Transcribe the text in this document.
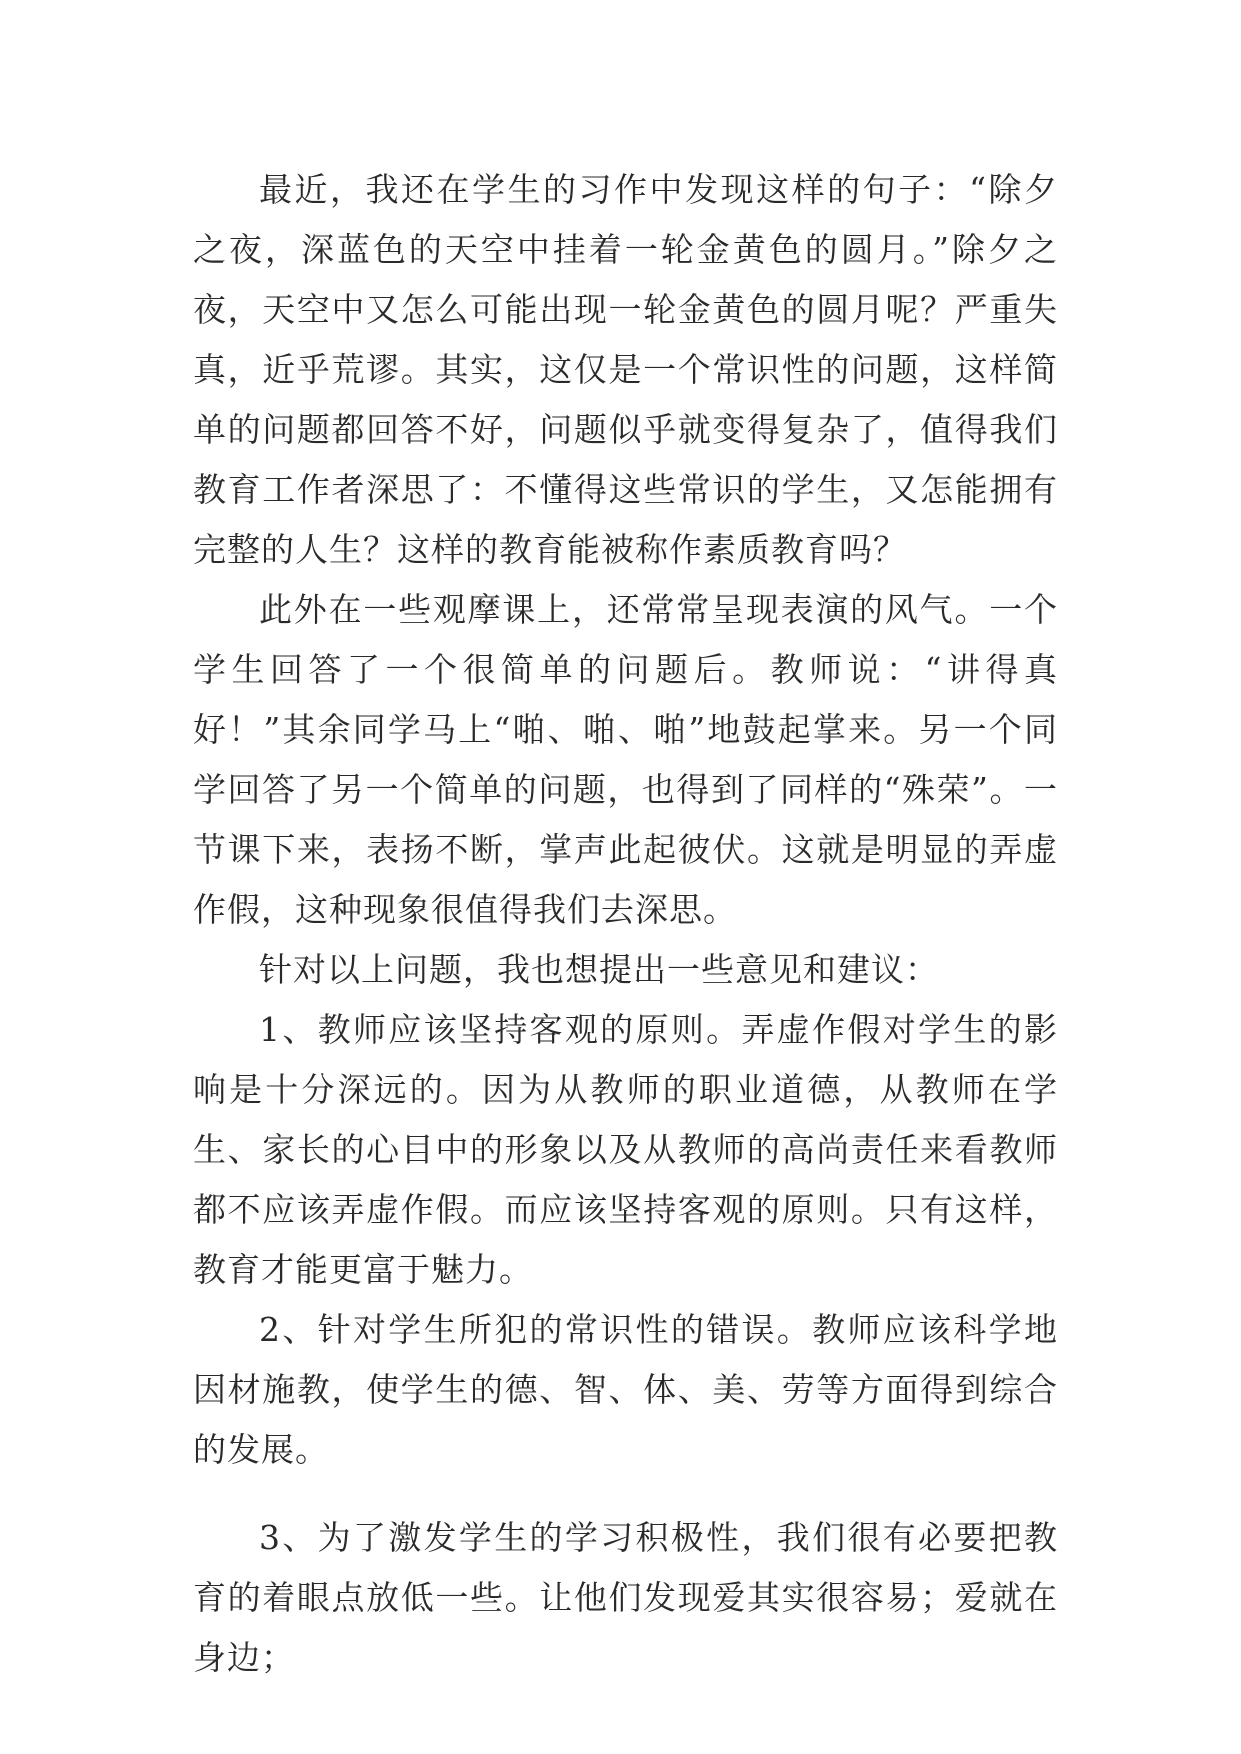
最近，我还在学生的习作中发现这样的句子：“除夕之夜，深蓝色的天空中挂着一轮金黄色的圆月。”除夕之夜，天空中又怎么可能出现一轮金黄色的圆月呢？严重失真，近乎荒谬。其实，这仅是一个常识性的问题，这样简单的问题都回答不好，问题似乎就变得复杂了，值得我们教育工作者深思了：不懂得这些常识的学生，又怎能拥有完整的人生？这样的教育能被称作素质教育吗？

此外在一些观摩课上，还常常呈现表演的风气。一个学生回答了一个很简单的问题后。教师说：“讲得真好！”其余同学马上“啪、啪、啪”地鼓起掌来。另一个同学回答了另一个简单的问题，也得到了同样的“殊荣”。一节课下来，表扬不断，掌声此起彼伏。这就是明显的弄虚作假，这种现象很值得我们去深思。

针对以上问题，我也想提出一些意见和建议：

1、教师应该坚持客观的原则。弄虚作假对学生的影响是十分深远的。因为从教师的职业道德，从教师在学生、家长的心目中的形象以及从教师的高尚责任来看教师都不应该弄虚作假。而应该坚持客观的原则。只有这样，教育才能更富于魅力。

2、针对学生所犯的常识性的错误。教师应该科学地因材施教，使学生的德、智、体、美、劳等方面得到综合的发展。

3、为了激发学生的学习积极性，我们很有必要把教育的着眼点放低一些。让他们发现爱其实很容易；爱就在身边；
